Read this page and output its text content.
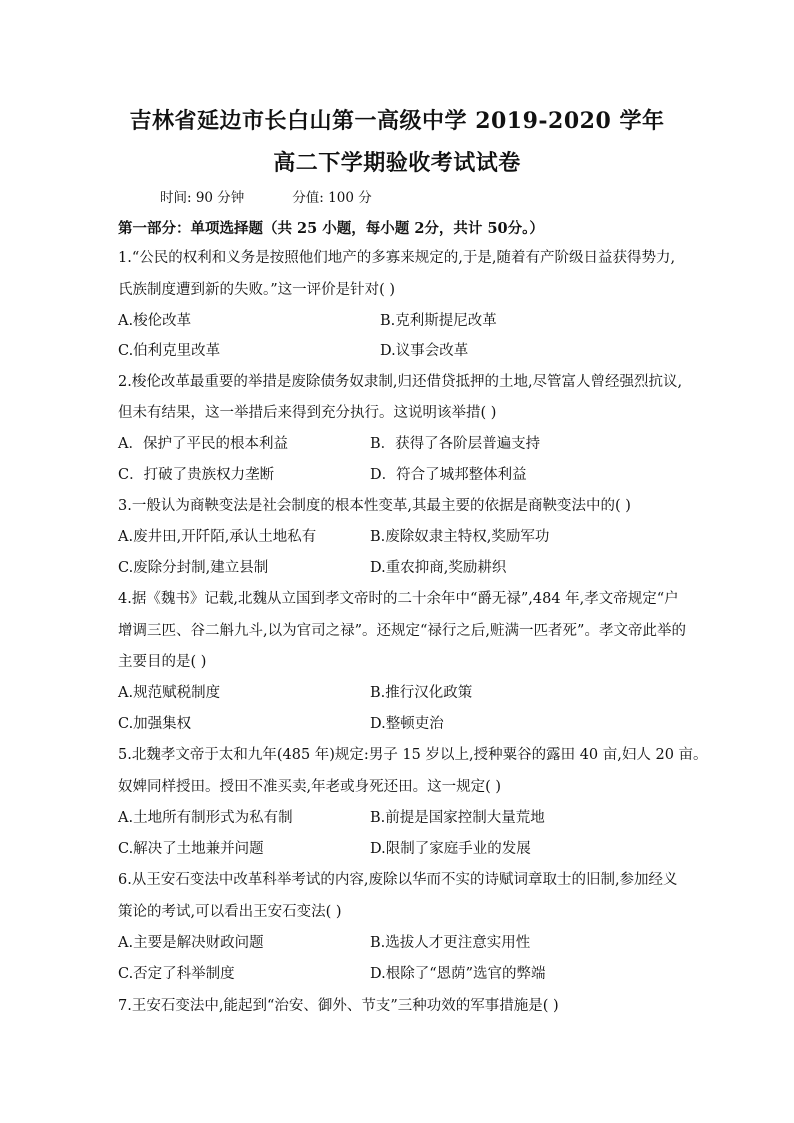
吉林省延边市长白山第一高级中学 2019-2020 学年
高二下学期验收考试试卷
时间: 90 分钟	分值: 100 分
第一部分：单项选择题（共 25 小题，每小题 2分，共计 50分。）
1.“公民的权利和义务是按照他们地产的多寡来规定的,于是,随着有产阶级日益获得势力,
氏族制度遭到新的失败。”这一评价是针对( )
A.梭伦改革	B.克利斯提尼改革
C.伯利克里改革	D.议事会改革
2.梭伦改革最重要的举措是废除债务奴隶制,归还借贷抵押的土地,尽管富人曾经强烈抗议,
但未有结果，这一举措后来得到充分执行。这说明该举措( )
A．保护了平民的根本利益	B．获得了各阶层普遍支持
C．打破了贵族权力垄断	D．符合了城邦整体利益
3.一般认为商鞅变法是社会制度的根本性变革,其最主要的依据是商鞅变法中的( )
A.废井田,开阡陌,承认土地私有	B.废除奴隶主特权,奖励军功
C.废除分封制,建立县制	D.重农抑商,奖励耕织
4.据《魏书》记载,北魏从立国到孝文帝时的二十余年中“爵无禄”,484 年,孝文帝规定“户
增调三匹、谷二斛九斗,以为官司之禄”。还规定“禄行之后,赃满一匹者死”。孝文帝此举的
主要目的是( )
A.规范赋税制度	B.推行汉化政策
C.加强集权	D.整顿吏治
5.北魏孝文帝于太和九年(485 年)规定:男子 15 岁以上,授种粟谷的露田 40 亩,妇人 20 亩。
奴婢同样授田。授田不准买卖,年老或身死还田。这一规定( )
A.土地所有制形式为私有制	B.前提是国家控制大量荒地
C.解决了土地兼并问题	D.限制了家庭手业的发展
6.从王安石变法中改革科举考试的内容,废除以华而不实的诗赋词章取士的旧制,参加经义
策论的考试,可以看出王安石变法( )
A.主要是解决财政问题	B.选拔人才更注意实用性
C.否定了科举制度	D.根除了“恩荫”选官的弊端
7.王安石变法中,能起到“治安、御外、节支”三种功效的军事措施是( )
